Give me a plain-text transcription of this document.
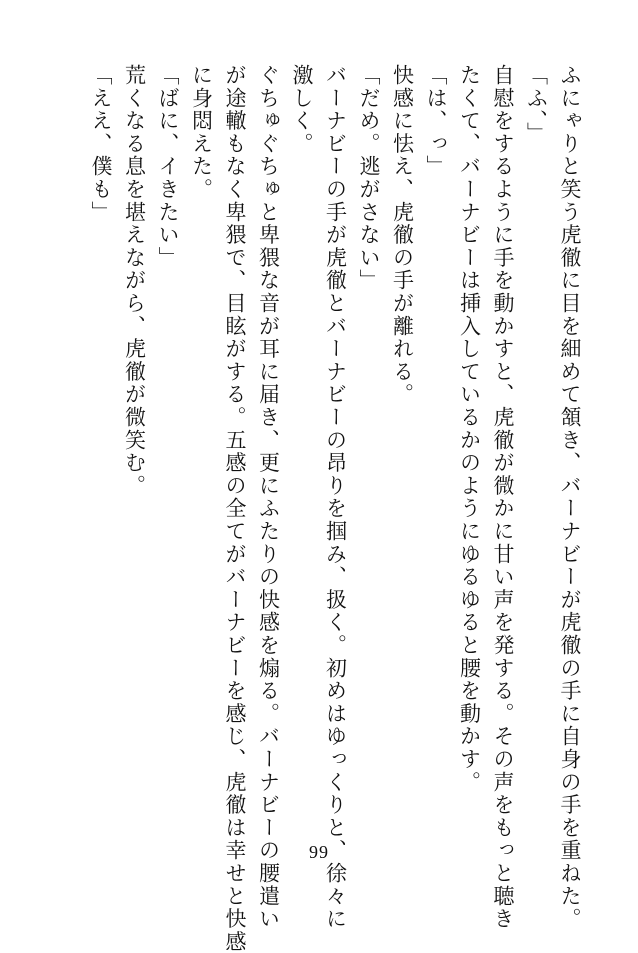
ふにゃりと笑う虎徹に目を細めて頷き、バーナビーが虎徹の手に自身の手を重ねた。

「ふ、」

自慰をするように手を動かすと、虎徹が微かに甘い声を発する。その声をもっと聴き

たくて、バーナビーは挿入しているかのようにゆるゆると腰を動かす。

「は、っ」

快感に怯え、虎徹の手が離れる。

「だめ。逃がさない」

バーナビーの手が虎徹とバーナビーの昂りを掴み、扱く。初めはゆっくりと、徐々に

激しく。

ぐちゅぐちゅと卑猥な音が耳に届き、更にふたりの快感を煽る。バーナビーの腰遣い

が途轍もなく卑猥で、目眩がする。五感の全てがバーナビーを感じ、虎徹は幸せと快感

に身悶えた。

「ばに、イきたい」

荒くなる息を堪えながら、虎徹が微笑む。

「ええ、僕も」

99
